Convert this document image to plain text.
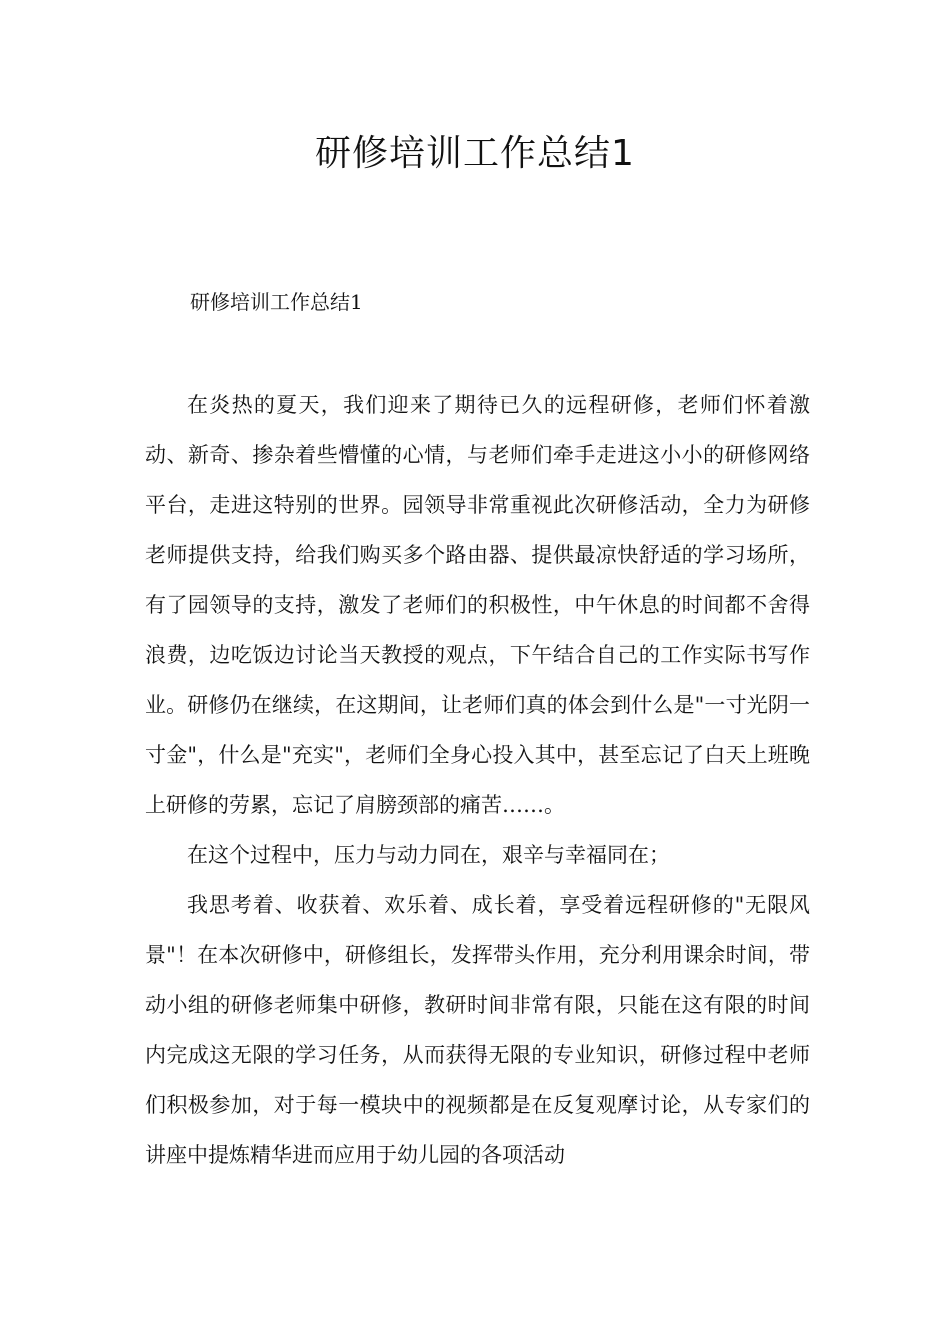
研修培训工作总结1

研修培训工作总结1

在炎热的夏天，我们迎来了期待已久的远程研修，老师们怀着激动、新奇、掺杂着些懵懂的心情，与老师们牵手走进这小小的研修网络平台，走进这特别的世界。园领导非常重视此次研修活动，全力为研修老师提供支持，给我们购买多个路由器、提供最凉快舒适的学习场所，有了园领导的支持，激发了老师们的积极性，中午休息的时间都不舍得浪费，边吃饭边讨论当天教授的观点，下午结合自己的工作实际书写作业。研修仍在继续，在这期间，让老师们真的体会到什么是"一寸光阴一寸金"，什么是"充实"，老师们全身心投入其中，甚至忘记了白天上班晚上研修的劳累，忘记了肩膀颈部的痛苦……。

在这个过程中，压力与动力同在，艰辛与幸福同在；

我思考着、收获着、欢乐着、成长着，享受着远程研修的"无限风景"！在本次研修中，研修组长，发挥带头作用，充分利用课余时间，带动小组的研修老师集中研修，教研时间非常有限，只能在这有限的时间内完成这无限的学习任务，从而获得无限的专业知识，研修过程中老师们积极参加，对于每一模块中的视频都是在反复观摩讨论，从专家们的讲座中提炼精华进而应用于幼儿园的各项活动
